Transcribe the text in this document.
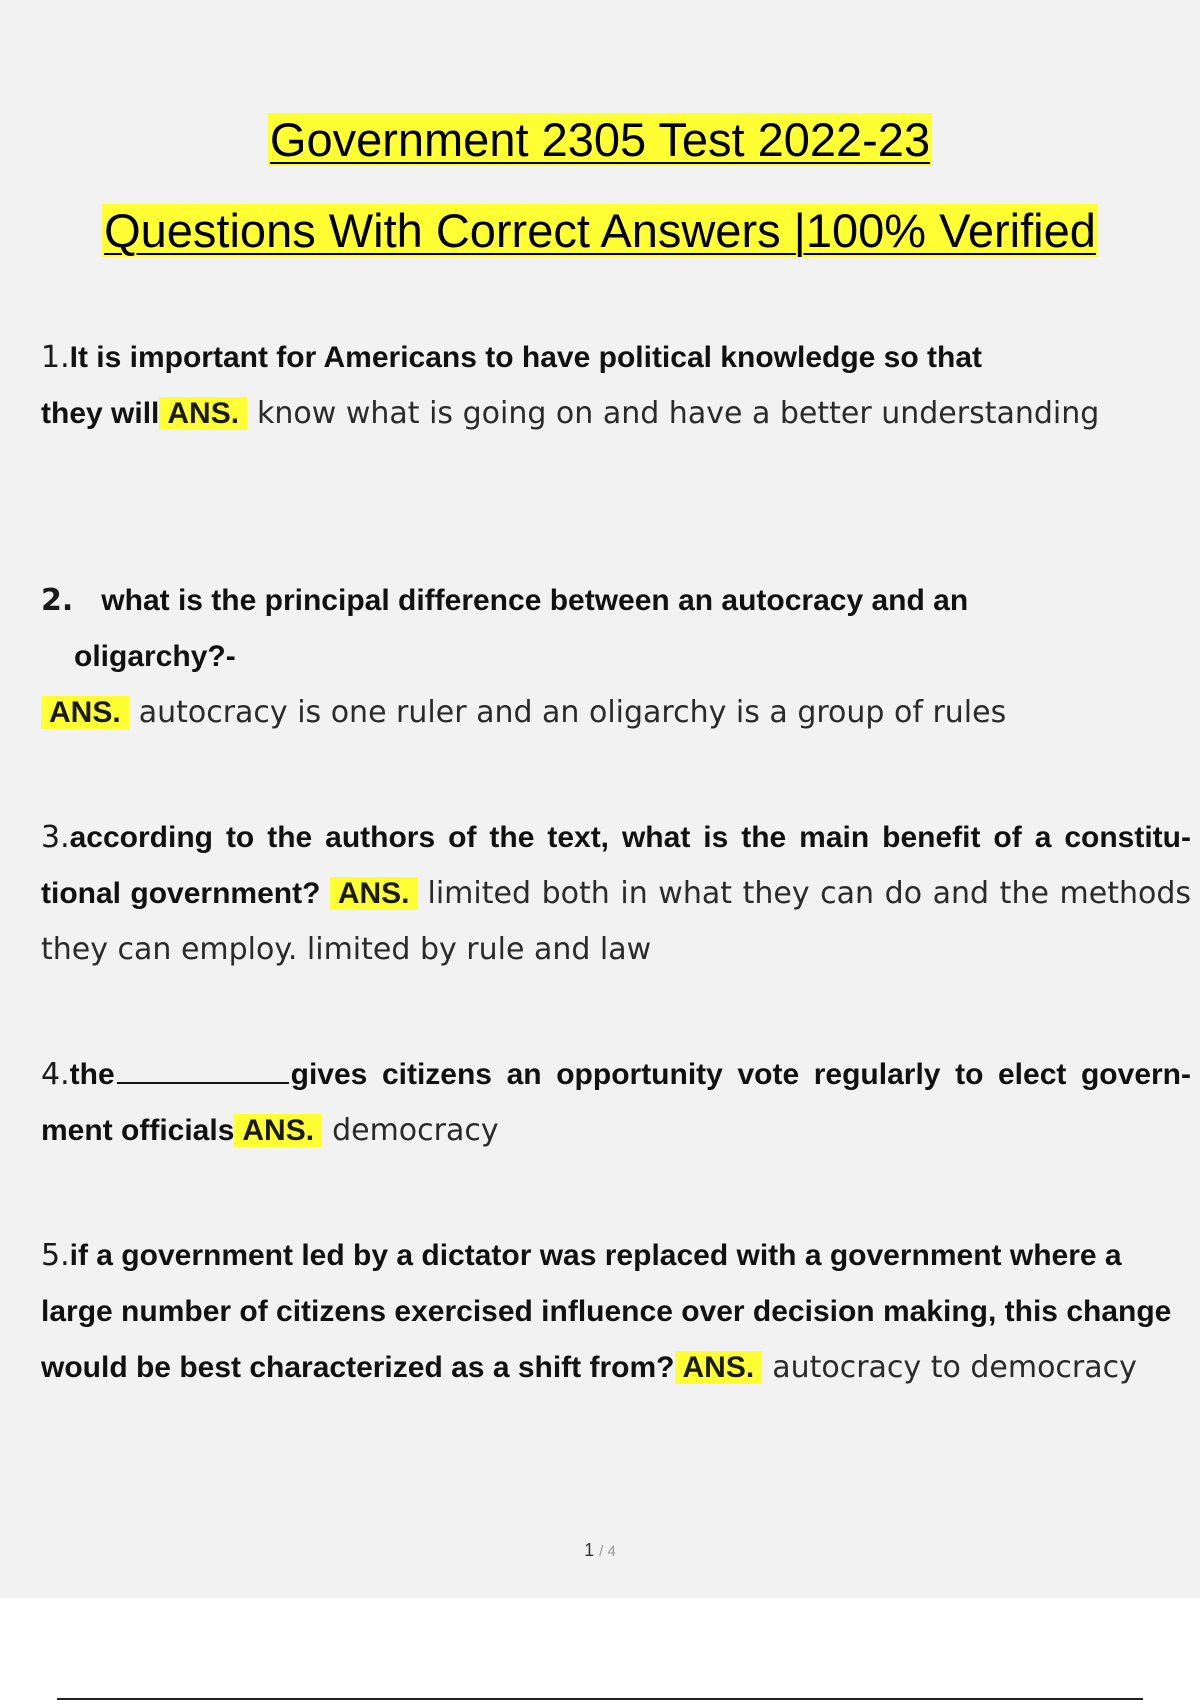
Government 2305 Test 2022-23
Questions With Correct Answers |100% Verified
1.It is important for Americans to have political knowledge so that
they will ANS. know what is going on and have a better understanding
2. what is the principal difference between an autocracy and an
oligarchy?-
ANS. autocracy is one ruler and an oligarchy is a group of rules
3.according to the authors of the text, what is the main benefit of a constitu- tional government? ANS. limited both in what they can do and the methods they can employ. limited by rule and law
4.the	gives citizens an opportunity vote regularly to elect govern- ment officials ANS. democracy
5.if a government led by a dictator was replaced with a government where a large number of citizens exercised influence over decision making, this change would be best characterized as a shift from? ANS. autocracy to democracy
1 / 4
